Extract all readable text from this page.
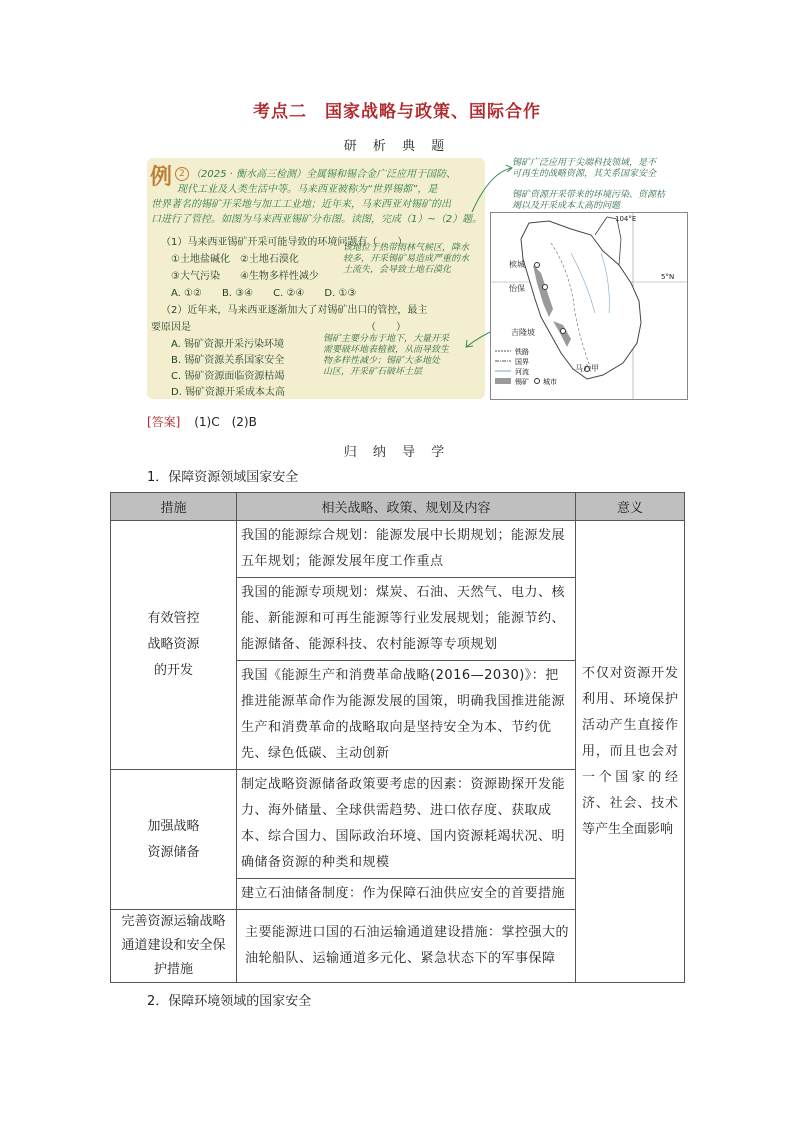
考点二　国家战略与政策、国际合作
研 析 典 题
例 2 （2025 · 衡水高三检测）全属锡和锡合金广泛应用于国防、
现代工业及人类生活中等。马来西亚被称为“世界锡都”，是
世界著名的锡矿开采地与加工工业地；近年来，马来西亚对锡矿的出
口进行了管控。如图为马来西亚锡矿分布图。读图，完成（1）~（2）题。
（1）马来西亚锡矿开采可能导致的环境问题有（　　）
①土地盐碱化　②土地石漠化
③大气污染　　④生物多样性减少
A. ①②　　B. ③④　　C. ②④　　D. ①③
（2）近年来，马来西亚逐渐加大了对锡矿出口的管控，最主
要原因是　　　　　　　　　　　　　　　　　　（　　）
A. 锡矿资源开采污染环境
B. 锡矿资源关系国家安全
C. 锡矿资源面临资源枯竭
D. 锡矿资源开采成本太高
该地位于热带雨林气候区，降水
较多，开采锡矿易造成严重的水
土流失，会导致土地石漠化
锡矿主要分布于地下，大量开采
需要破坏地表植被，从而导致生
物多样性减少；锡矿大多地处
山区，开采矿石破坏土层
锡矿广泛应用于尖端科技领域，是不
可再生的战略资源，其关系国家安全
锡矿资源开采带来的环境污染、资源枯
竭以及开采成本太高的问题
104°E
5°N
槟城
怡保
吉隆坡
马六甲
铁路
国界
河流
锡矿 城市
[答案] (1)C　(2)B
归 纳 导 学
1．保障资源领域国家安全
措施	相关战略、政策、规划及内容	意义

有效管控
战略资源
的开发	我国的能源综合规划：能源发展中长期规划；能源发展五年规划；能源发展年度工作重点	不仅对资源开发利用、环境保护活动产生直接作用，而且也会对一个国家的经济、社会、技术等产生全面影响
	我国的能源专项规划：煤炭、石油、天然气、电力、核能、新能源和可再生能源等行业发展规划；能源节约、能源储备、能源科技、农村能源等专项规划	
	我国《能源生产和消费革命战略(2016—2030)》：把推进能源革命作为能源发展的国策，明确我国推进能源生产和消费革命的战略取向是坚持安全为本、节约优先、绿色低碳、主动创新	

加强战略
资源储备	制定战略资源储备政策要考虑的因素：资源勘探开发能力、海外储量、全球供需趋势、进口依存度、获取成本、综合国力、国际政治环境、国内资源耗竭状况、明确储备资源的种类和规模	
	建立石油储备制度：作为保障石油供应安全的首要措施	

完善资源运输战略
通道建设和安全保
护措施	主要能源进口国的石油运输通道建设措施：掌控强大的油轮船队、运输通道多元化、紧急状态下的军事保障	
2．保障环境领域的国家安全
